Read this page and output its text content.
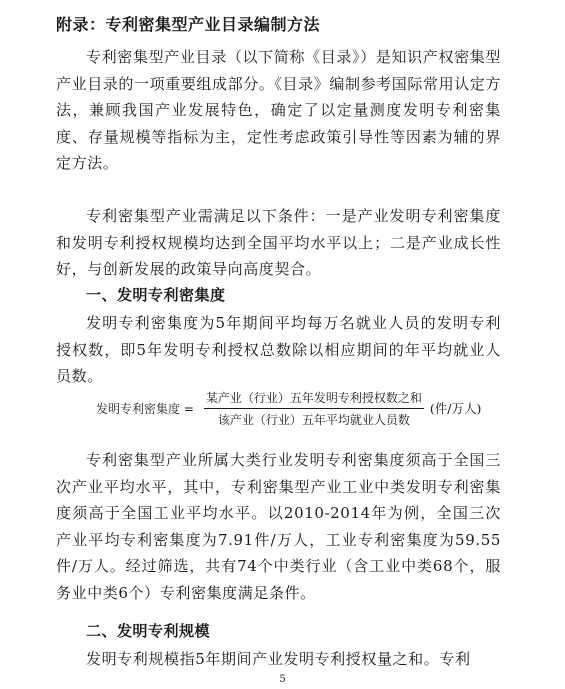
附录：专利密集型产业目录编制方法

专利密集型产业目录（以下简称《目录》）是知识产权密集型产业目录的一项重要组成部分。《目录》编制参考国际常用认定方法，兼顾我国产业发展特色，确定了以定量测度发明专利密集度、存量规模等指标为主，定性考虑政策引导性等因素为辅的界定方法。

专利密集型产业需满足以下条件：一是产业发明专利密集度和发明专利授权规模均达到全国平均水平以上；二是产业成长性好，与创新发展的政策导向高度契合。

一、发明专利密集度

发明专利密集度为5年期间平均每万名就业人员的发明专利授权数，即5年发明专利授权总数除以相应期间的年平均就业人员数。

发明专利密集度 = $\frac{\text{某产业（行业）五年发明专利授权数之和}}{\text{该产业（行业）五年平均就业人员数}}$ (件/万人)

专利密集型产业所属大类行业发明专利密集度须高于全国三次产业平均水平，其中，专利密集型产业工业中类发明专利密集度须高于全国工业平均水平。以2010-2014年为例，全国三次产业平均专利密集度为7.91件/万人，工业专利密集度为59.55件/万人。经过筛选，共有74个中类行业（含工业中类68个，服务业中类6个）专利密集度满足条件。

二、发明专利规模

发明专利规模指5年期间产业发明专利授权量之和。专利

5
